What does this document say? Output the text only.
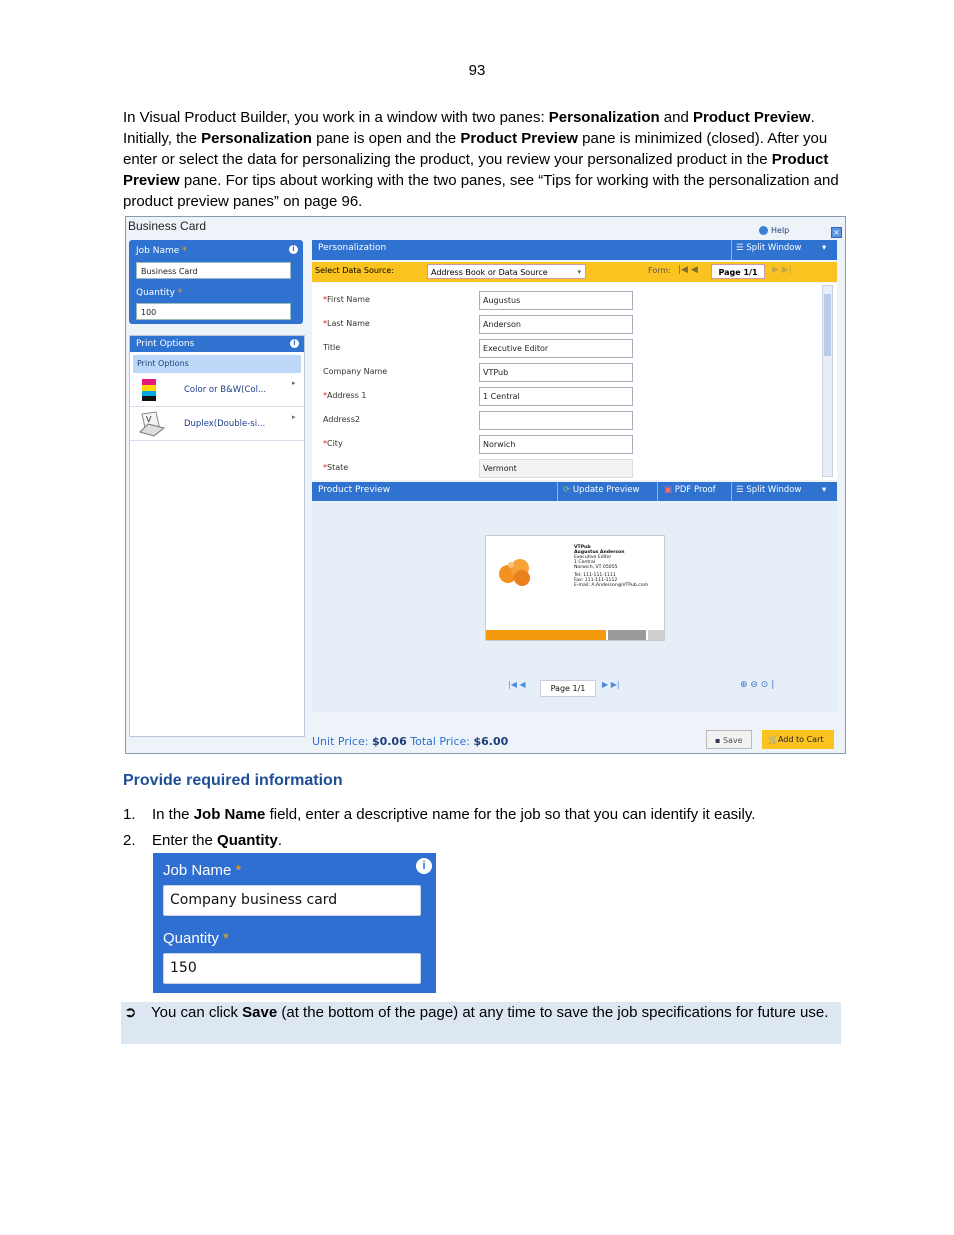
93
In Visual Product Builder, you work in a window with two panes: Personalization and Product Preview. Initially, the Personalization pane is open and the Product Preview pane is minimized (closed). After you enter or select the data for personalizing the product, you review your personalized product in the Product Preview pane. For tips about working with the two panes, see “Tips for working with the personalization and product preview panes” on page 96.
Business Card	Help	×
Job Name *	i
Business Card
Quantity *
100
Print Options	i
Print Options
Color or B&W(Col...
▸
V	Duplex(Double-si...
▸
Personalization	☰ Split Window ▾
Select Data Source:	Address Book or Data Source	▾	Form: |◀ ◀	Page 1/1	▶ ▶|
*First Name	Augustus
*Last Name	Anderson
Title	Executive Editor
Company Name	VTPub
*Address 1	1 Central
Address2
*City	Norwich
*State	Vermont
Product Preview	⟳ Update Preview	▣ PDF Proof ☰ Split Window ▾
VTPub
Augustus Anderson
Executive Editor
1 Central
Norwich, VT 05055
Tel: 111-111-1111
Fax: 111-111-1112
E-mail: A.Anderson@VTPub.com
|◀ ◀	Page 1/1	▶ ▶|	⊕ ⊖ ⊙ |
Unit Price: $0.06 Total Price: $6.00	▪ Save	🛒Add to Cart
Provide required information
1. In the Job Name field, enter a descriptive name for the job so that you can identify it easily.
2. Enter the Quantity.
Job Name *	i
Company business card
Quantity *
150
➲ You can click Save (at the bottom of the page) at any time to save the job specifications for future use.
